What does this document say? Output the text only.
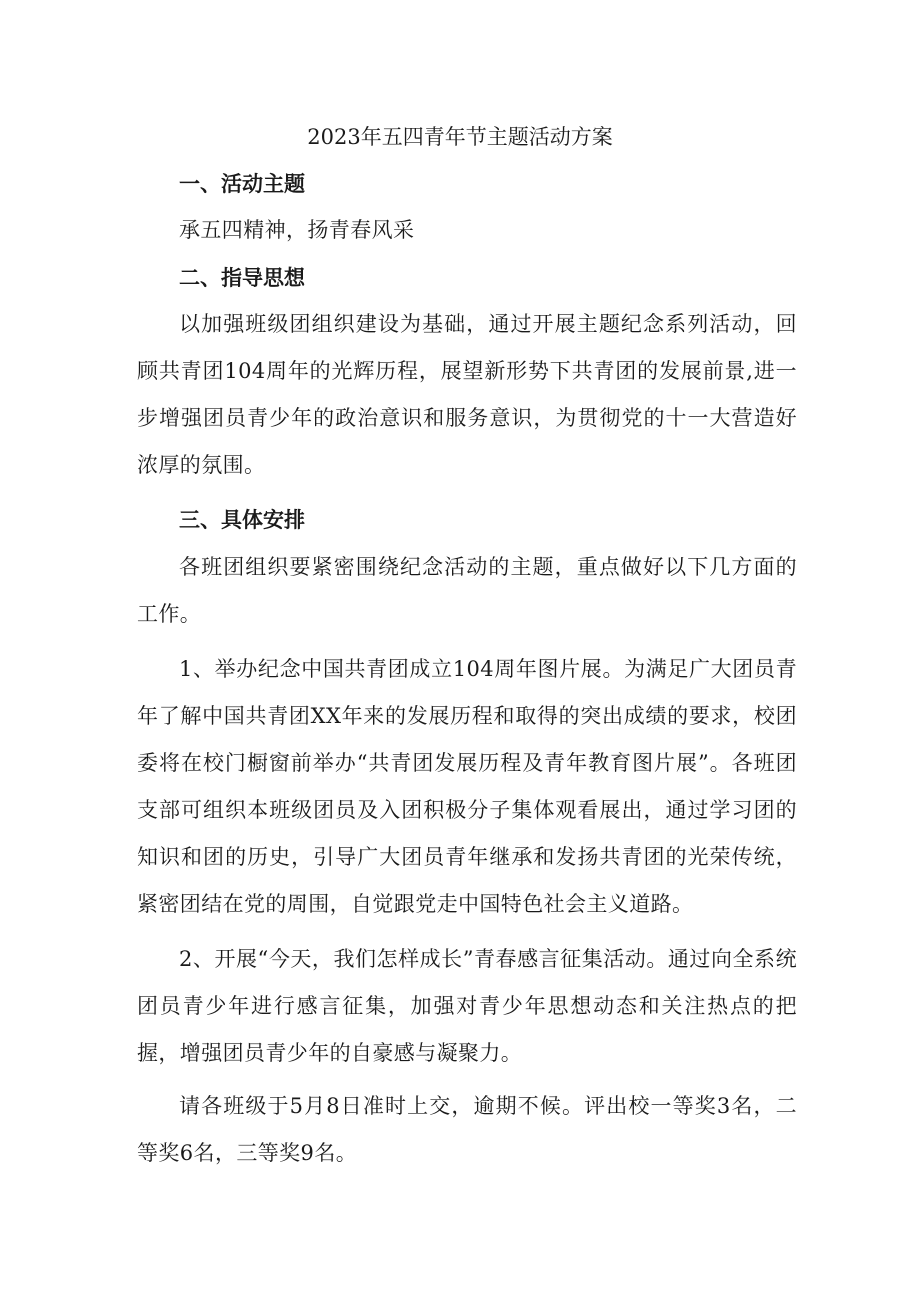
2023年五四青年节主题活动方案
一、活动主题

承五四精神，扬青春风采

二、指导思想

以加强班级团组织建设为基础，通过开展主题纪念系列活动，回顾共青团104周年的光辉历程，展望新形势下共青团的发展前景,进一步增强团员青少年的政治意识和服务意识，为贯彻党的十一大营造好浓厚的氛围。

三、具体安排

各班团组织要紧密围绕纪念活动的主题，重点做好以下几方面的工作。

1、举办纪念中国共青团成立104周年图片展。为满足广大团员青年了解中国共青团XX年来的发展历程和取得的突出成绩的要求，校团委将在校门橱窗前举办“共青团发展历程及青年教育图片展”。各班团支部可组织本班级团员及入团积极分子集体观看展出，通过学习团的知识和团的历史，引导广大团员青年继承和发扬共青团的光荣传统，紧密团结在党的周围，自觉跟党走中国特色社会主义道路。

2、开展“今天，我们怎样成长”青春感言征集活动。通过向全系统团员青少年进行感言征集，加强对青少年思想动态和关注热点的把握，增强团员青少年的自豪感与凝聚力。

请各班级于5月8日准时上交，逾期不候。评出校一等奖3名，二等奖6名，三等奖9名。
